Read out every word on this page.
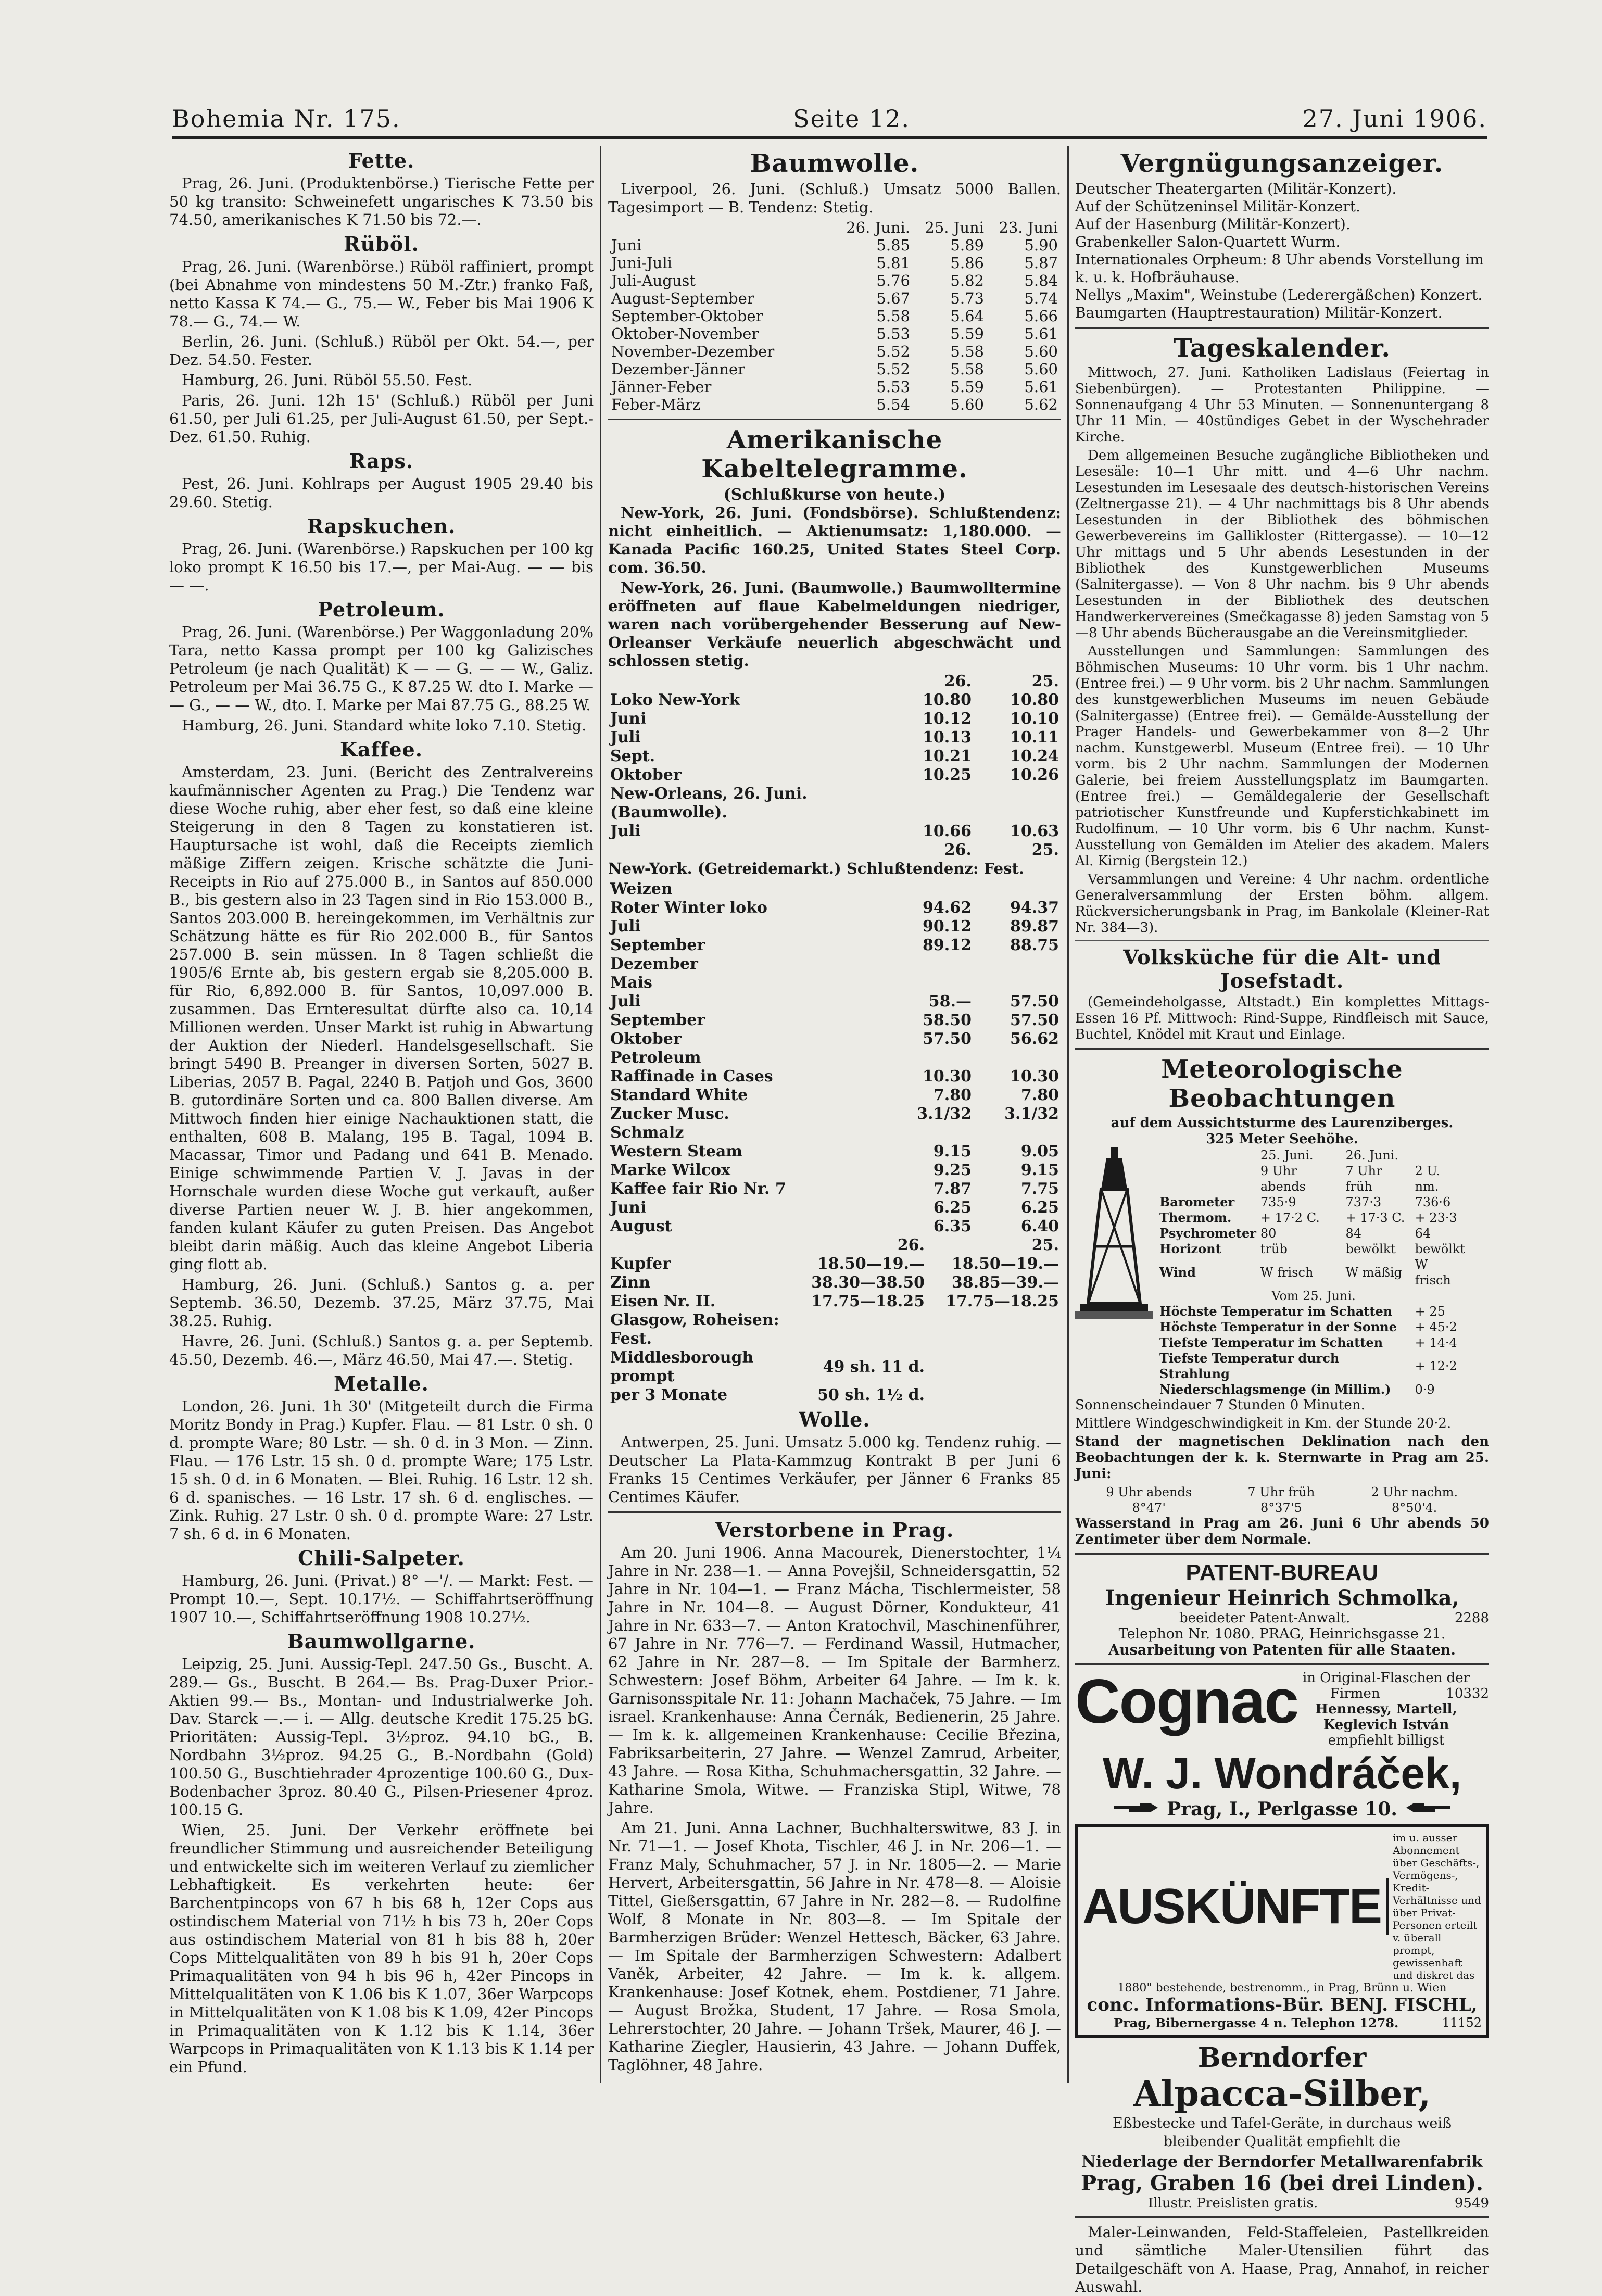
Bohemia Nr. 175.	Seite 12.	27. Juni 1906.
Fette.

Prag, 26. Juni. (Produktenbörse.) Tierische Fette per 50 kg transito: Schweinefett ungarisches K 73.50 bis 74.50, amerikanisches K 71.50 bis 72.—.

Rüböl.

Prag, 26. Juni. (Warenbörse.) Rüböl raffiniert, prompt (bei Abnahme von mindestens 50 M.-Ztr.) franko Faß, netto Kassa K 74.— G., 75.— W., Feber bis Mai 1906 K 78.— G., 74.— W.

Berlin, 26. Juni. (Schluß.) Rüböl per Okt. 54.—, per Dez. 54.50. Fester.

Hamburg, 26. Juni. Rüböl 55.50. Fest.

Paris, 26. Juni. 12h 15' (Schluß.) Rüböl per Juni 61.50, per Juli 61.25, per Juli-August 61.50, per Sept.-Dez. 61.50. Ruhig.

Raps.

Pest, 26. Juni. Kohlraps per August 1905 29.40 bis 29.60. Stetig.

Rapskuchen.

Prag, 26. Juni. (Warenbörse.) Rapskuchen per 100 kg loko prompt K 16.50 bis 17.—, per Mai-Aug. — — bis — —.

Petroleum.

Prag, 26. Juni. (Warenbörse.) Per Waggonladung 20% Tara, netto Kassa prompt per 100 kg Galizisches Petroleum (je nach Qualität) K — — G. — — W., Galiz. Petroleum per Mai 36.75 G., K 87.25 W. dto I. Marke — — G., — — W., dto. I. Marke per Mai 87.75 G., 88.25 W.

Hamburg, 26. Juni. Standard white loko 7.10. Stetig.

Kaffee.

Amsterdam, 23. Juni. (Bericht des Zentralvereins kaufmännischer Agenten zu Prag.) Die Tendenz war diese Woche ruhig, aber eher fest, so daß eine kleine Steigerung in den 8 Tagen zu konstatieren ist. Hauptursache ist wohl, daß die Receipts ziemlich mäßige Ziffern zeigen. Krische schätzte die Juni-Receipts in Rio auf 275.000 B., in Santos auf 850.000 B., bis gestern also in 23 Tagen sind in Rio 153.000 B., Santos 203.000 B. hereingekommen, im Verhältnis zur Schätzung hätte es für Rio 202.000 B., für Santos 257.000 B. sein müssen. In 8 Tagen schließt die 1905/6 Ernte ab, bis gestern ergab sie 8,205.000 B. für Rio, 6,892.000 B. für Santos, 10,097.000 B. zusammen. Das Ernteresultat dürfte also ca. 10,14 Millionen werden. Unser Markt ist ruhig in Abwartung der Auktion der Niederl. Handelsgesellschaft. Sie bringt 5490 B. Preanger in diversen Sorten, 5027 B. Liberias, 2057 B. Pagal, 2240 B. Patjoh und Gos, 3600 B. gutordinäre Sorten und ca. 800 Ballen diverse. Am Mittwoch finden hier einige Nachauktionen statt, die enthalten, 608 B. Malang, 195 B. Tagal, 1094 B. Macassar, Timor und Padang und 641 B. Menado. Einige schwimmende Partien V. J. Javas in der Hornschale wurden diese Woche gut verkauft, außer diverse Partien neuer W. J. B. hier angekommen, fanden kulant Käufer zu guten Preisen. Das Angebot bleibt darin mäßig. Auch das kleine Angebot Liberia ging flott ab.

Hamburg, 26. Juni. (Schluß.) Santos g. a. per Septemb. 36.50, Dezemb. 37.25, März 37.75, Mai 38.25. Ruhig.

Havre, 26. Juni. (Schluß.) Santos g. a. per Septemb. 45.50, Dezemb. 46.—, März 46.50, Mai 47.—. Stetig.

Metalle.

London, 26. Juni. 1h 30' (Mitgeteilt durch die Firma Moritz Bondy in Prag.) Kupfer. Flau. — 81 Lstr. 0 sh. 0 d. prompte Ware; 80 Lstr. — sh. 0 d. in 3 Mon. — Zinn. Flau. — 176 Lstr. 15 sh. 0 d. prompte Ware; 175 Lstr. 15 sh. 0 d. in 6 Monaten. — Blei. Ruhig. 16 Lstr. 12 sh. 6 d. spanisches. — 16 Lstr. 17 sh. 6 d. englisches. — Zink. Ruhig. 27 Lstr. 0 sh. 0 d. prompte Ware: 27 Lstr. 7 sh. 6 d. in 6 Monaten.

Chili-Salpeter.

Hamburg, 26. Juni. (Privat.) 8° —'/. — Markt: Fest. — Prompt 10.—, Sept. 10.17½. — Schiffahrtseröffnung 1907 10.—, Schiffahrtseröffnung 1908 10.27½.

Baumwollgarne.

Leipzig, 25. Juni. Aussig-Tepl. 247.50 Gs., Buscht. A. 289.— Gs., Buscht. B 264.— Bs. Prag-Duxer Prior.-Aktien 99.— Bs., Montan- und Industrialwerke Joh. Dav. Starck —.— i. — Allg. deutsche Kredit 175.25 bG. Prioritäten: Aussig-Tepl. 3½proz. 94.10 bG., B. Nordbahn 3½proz. 94.25 G., B.-Nordbahn (Gold) 100.50 G., Buschtiehrader 4prozentige 100.60 G., Dux-Bodenbacher 3proz. 80.40 G., Pilsen-Priesener 4proz. 100.15 G.

Wien, 25. Juni. Der Verkehr eröffnete bei freundlicher Stimmung und ausreichender Beteiligung und entwickelte sich im weiteren Verlauf zu ziemlicher Lebhaftigkeit. Es verkehrten heute: 6er Barchentpincops von 67 h bis 68 h, 12er Cops aus ostindischem Material von 71½ h bis 73 h, 20er Cops aus ostindischem Material von 81 h bis 88 h, 20er Cops Mittelqualitäten von 89 h bis 91 h, 20er Cops Primaqualitäten von 94 h bis 96 h, 42er Pincops in Mittelqualitäten von K 1.06 bis K 1.07, 36er Warpcops in Mittelqualitäten von K 1.08 bis K 1.09, 42er Pincops in Primaqualitäten von K 1.12 bis K 1.14, 36er Warpcops in Primaqualitäten von K 1.13 bis K 1.14 per ein Pfund.

Baumwolle.

Liverpool, 26. Juni. (Schluß.) Umsatz 5000 Ballen. Tagesimport — B. Tendenz: Stetig.

	26. Juni.	25. Juni	23. Juni
Juni	5.85	5.89	5.90
Juni-Juli	5.81	5.86	5.87
Juli-August	5.76	5.82	5.84
August-September	5.67	5.73	5.74
September-Oktober	5.58	5.64	5.66
Oktober-November	5.53	5.59	5.61
November-Dezember	5.52	5.58	5.60
Dezember-Jänner	5.52	5.58	5.60
Jänner-Feber	5.53	5.59	5.61
Feber-März	5.54	5.60	5.62
Amerikanische Kabeltelegramme.
(Schlußkurse von heute.)

New-York, 26. Juni. (Fondsbörse). Schlußtendenz: nicht einheitlich. — Aktienumsatz: 1,180.000. — Kanada Pacific 160.25, United States Steel Corp. com. 36.50.

New-York, 26. Juni. (Baumwolle.) Baumwolltermine eröffneten auf flaue Kabelmeldungen niedriger, waren nach vorübergehender Besserung auf New-Orleanser Verkäufe neuerlich abgeschwächt und schlossen stetig.

	26.	25.
Loko New-York	10.80	10.80
Juni	10.12	10.10
Juli	10.13	10.11
Sept.	10.21	10.24
Oktober	10.25	10.26
New-Orleans, 26. Juni. (Baumwolle).		
Juli	10.66	10.63
	26.	25.

New-York. (Getreidemarkt.) Schlußtendenz: Fest.

Weizen		
Roter Winter loko	94.62	94.37
Juli	90.12	89.87
September	89.12	88.75
Dezember		
Mais		
Juli	58.—	57.50
September	58.50	57.50
Oktober	57.50	56.62
Petroleum		
Raffinade in Cases	10.30	10.30
Standard White	7.80	7.80
Zucker Musc.	3.1/32	3.1/32
Schmalz		
Western Steam	9.15	9.05
Marke Wilcox	9.25	9.15
Kaffee fair Rio Nr. 7	7.87	7.75
Juni	6.25	6.25
August	6.35	6.40
	26.	25.
Kupfer	18.50—19.—	18.50—19.—
Zinn	38.30—38.50	38.85—39.—
Eisen Nr. II.	17.75—18.25	17.75—18.25
Glasgow, Roheisen: Fest.		
Middlesborough prompt	49 sh. 11 d.	
per 3 Monate	50 sh. 1½ d.	
Wolle.

Antwerpen, 25. Juni. Umsatz 5.000 kg. Tendenz ruhig. — Deutscher La Plata-Kammzug Kontrakt B per Juni 6 Franks 15 Centimes Verkäufer, per Jänner 6 Franks 85 Centimes Käufer.

Verstorbene in Prag.

Am 20. Juni 1906. Anna Macourek, Dienerstochter, 1¼ Jahre in Nr. 238—1. — Anna Povejšil, Schneidersgattin, 52 Jahre in Nr. 104—1. — Franz Mácha, Tischlermeister, 58 Jahre in Nr. 104—8. — August Dörner, Kondukteur, 41 Jahre in Nr. 633—7. — Anton Kratochvil, Maschinenführer, 67 Jahre in Nr. 776—7. — Ferdinand Wassil, Hutmacher, 62 Jahre in Nr. 287—8. — Im Spitale der Barmherz. Schwestern: Josef Böhm, Arbeiter 64 Jahre. — Im k. k. Garnisonsspitale Nr. 11: Johann Machaček, 75 Jahre. — Im israel. Krankenhause: Anna Černák, Bedienerin, 25 Jahre. — Im k. k. allgemeinen Krankenhause: Cecilie Březina, Fabriksarbeiterin, 27 Jahre. — Wenzel Zamrud, Arbeiter, 43 Jahre. — Rosa Kitha, Schuhmachersgattin, 32 Jahre. — Katharine Smola, Witwe. — Franziska Stipl, Witwe, 78 Jahre.

Am 21. Juni. Anna Lachner, Buchhalterswitwe, 83 J. in Nr. 71—1. — Josef Khota, Tischler, 46 J. in Nr. 206—1. — Franz Maly, Schuhmacher, 57 J. in Nr. 1805—2. — Marie Hervert, Arbeitersgattin, 56 Jahre in Nr. 478—8. — Aloisie Tittel, Gießersgattin, 67 Jahre in Nr. 282—8. — Rudolfine Wolf, 8 Monate in Nr. 803—8. — Im Spitale der Barmherzigen Brüder: Wenzel Hettesch, Bäcker, 63 Jahre. — Im Spitale der Barmherzigen Schwestern: Adalbert Vaněk, Arbeiter, 42 Jahre. — Im k. k. allgem. Krankenhause: Josef Kotnek, ehem. Postdiener, 71 Jahre. — August Brožka, Student, 17 Jahre. — Rosa Smola, Lehrerstochter, 20 Jahre. — Johann Tršek, Maurer, 46 J. — Katharine Ziegler, Hausierin, 43 Jahre. — Johann Duffek, Taglöhner, 48 Jahre.

Vergnügungsanzeiger.
Deutscher Theatergarten (Militär-Konzert).
Auf der Schützeninsel Militär-Konzert.
Auf der Hasenburg (Militär-Konzert).
Grabenkeller Salon-Quartett Wurm.
Internationales Orpheum: 8 Uhr abends Vorstellung im k. u. k. Hofbräuhause.
Nellys „Maxim", Weinstube (Lederergäßchen) Konzert.
Baumgarten (Hauptrestauration) Militär-Konzert.
Tageskalender.

Mittwoch, 27. Juni. Katholiken Ladislaus (Feiertag in Siebenbürgen). — Protestanten Philippine. — Sonnenaufgang 4 Uhr 53 Minuten. — Sonnenuntergang 8 Uhr 11 Min. — 40stündiges Gebet in der Wyschehrader Kirche.

Dem allgemeinen Besuche zugängliche Bibliotheken und Lesesäle: 10—1 Uhr mitt. und 4—6 Uhr nachm. Lesestunden im Lesesaale des deutsch-historischen Vereins (Zeltnergasse 21). — 4 Uhr nachmittags bis 8 Uhr abends Lesestunden in der Bibliothek des böhmischen Gewerbevereins im Gallikloster (Rittergasse). — 10—12 Uhr mittags und 5 Uhr abends Lesestunden in der Bibliothek des Kunstgewerblichen Museums (Salnitergasse). — Von 8 Uhr nachm. bis 9 Uhr abends Lesestunden in der Bibliothek des deutschen Handwerkervereines (Smečkagasse 8) jeden Samstag von 5—8 Uhr abends Bücherausgabe an die Vereinsmitglieder.

Ausstellungen und Sammlungen: Sammlungen des Böhmischen Museums: 10 Uhr vorm. bis 1 Uhr nachm. (Entree frei.) — 9 Uhr vorm. bis 2 Uhr nachm. Sammlungen des kunstgewerblichen Museums im neuen Gebäude (Salnitergasse) (Entree frei). — Gemälde-Ausstellung der Prager Handels- und Gewerbekammer von 8—2 Uhr nachm. Kunstgewerbl. Museum (Entree frei). — 10 Uhr vorm. bis 2 Uhr nachm. Sammlungen der Modernen Galerie, bei freiem Ausstellungsplatz im Baumgarten. (Entree frei.) — Gemäldegalerie der Gesellschaft patriotischer Kunstfreunde und Kupferstichkabinett im Rudolfinum. — 10 Uhr vorm. bis 6 Uhr nachm. Kunst-Ausstellung von Gemälden im Atelier des akadem. Malers Al. Kirnig (Bergstein 12.)

Versammlungen und Vereine: 4 Uhr nachm. ordentliche Generalversammlung der Ersten böhm. allgem. Rückversicherungsbank in Prag, im Bankolale (Kleiner-Rat Nr. 384—3).

Volksküche für die Alt- und Josefstadt.

(Gemeindeholgasse, Altstadt.) Ein komplettes Mittags-Essen 16 Pf. Mittwoch: Rind-Suppe, Rindfleisch mit Sauce, Buchtel, Knödel mit Kraut und Einlage.

Meteorologische Beobachtungen
auf dem Aussichtsturme des Laurenziberges.
325 Meter Seehöhe.
	25. Juni.	26. Juni.	
	9 Uhr abends	7 Uhr früh	2 U. nm.
Barometer	735·9	737·3	736·6
Thermom.	+ 17·2 C.	+ 17·3 C.	+ 23·3
Psychrometer	80	84	64
Horizont	trüb	bewölkt	bewölkt
Wind	W frisch	W mäßig	W frisch
Vom 25. Juni.			
Höchste Temperatur im Schatten			+ 25
Höchste Temperatur in der Sonne			+ 45·2
Tiefste Temperatur im Schatten			+ 14·4
Tiefste Temperatur durch Strahlung			+ 12·2
Niederschlagsmenge (in Millim.)			0·9

Sonnenscheindauer 7 Stunden 0 Minuten.

Mittlere Windgeschwindigkeit in Km. der Stunde 20·2.

Stand der magnetischen Deklination nach den Beobachtungen der k. k. Sternwarte in Prag am 25. Juni:

9 Uhr abends	7 Uhr früh	2 Uhr nachm.
8°47'	8°37'5	8°50'4.

Wasserstand in Prag am 26. Juni 6 Uhr abends 50 Zentimeter über dem Normale.

PATENT-BUREAU
Ingenieur Heinrich Schmolka,
beeideter Patent-Anwalt.	2288
Telephon Nr. 1080. PRAG, Heinrichsgasse 21.
Ausarbeitung von Patenten für alle Staaten.
Cognac in Original-Flaschen der
Firmen	10332
Hennessy, Martell, Keglevich István
empfiehlt billigst
W. J. Wondráček,
Prag, I., Perlgasse 10.
AUSKÜNFTE
im u. ausser Abonnement über Geschäfts-, Vermögens-, Kredit-Verhältnisse und über Privat-Personen erteilt v. überall prompt, gewissenhaft und diskret das
1880" bestehende, bestrenomm., in Prag, Brünn u. Wien
conc. Informations-Bür. BENJ. FISCHL,
Prag, Bibernergasse 4 n. Telephon 1278.	11152
Berndorfer
Alpacca-Silber,

Eßbestecke und Tafel-Geräte, in durchaus weiß bleibender Qualität empfiehlt die

Niederlage der Berndorfer Metallwarenfabrik
Prag, Graben 16 (bei drei Linden).
Illustr. Preislisten gratis.	9549

Maler-Leinwanden, Feld-Staffeleien, Pastellkreiden und sämtliche Maler-Utensilien führt das Detailgeschäft von A. Haase, Prag, Annahof, in reicher Auswahl.
